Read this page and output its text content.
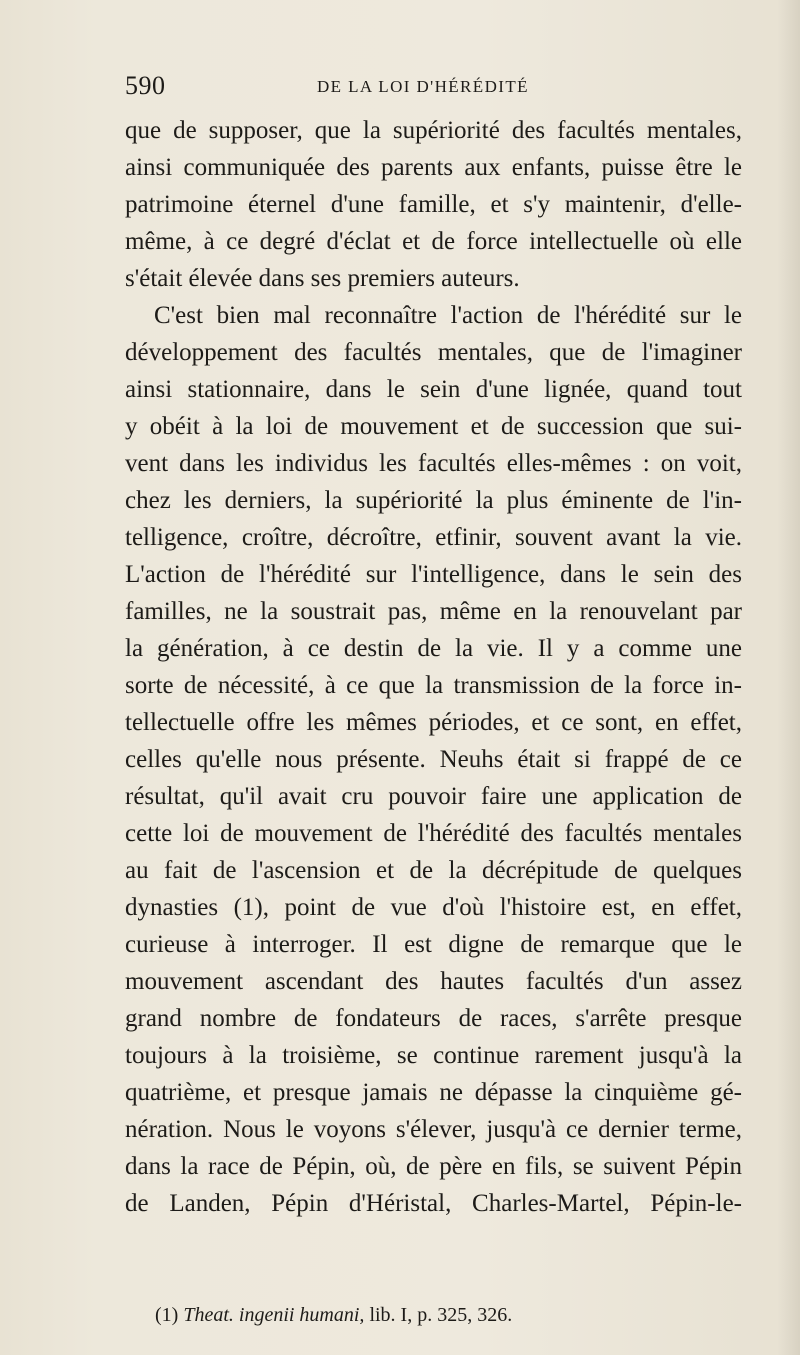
590	DE LA LOI D'HÉRÉDITÉ
que de supposer, que la supériorité des facultés mentales,
ainsi communiquée des parents aux enfants, puisse être le
patrimoine éternel d'une famille, et s'y maintenir, d'elle-
même, à ce degré d'éclat et de force intellectuelle où elle
s'était élevée dans ses premiers auteurs.
C'est bien mal reconnaître l'action de l'hérédité sur le
développement des facultés mentales, que de l'imaginer
ainsi stationnaire, dans le sein d'une lignée, quand tout
y obéit à la loi de mouvement et de succession que sui-
vent dans les individus les facultés elles-mêmes : on voit,
chez les derniers, la supériorité la plus éminente de l'in-
telligence, croître, décroître, etfinir, souvent avant la vie.
L'action de l'hérédité sur l'intelligence, dans le sein des
familles, ne la soustrait pas, même en la renouvelant par
la génération, à ce destin de la vie. Il y a comme une
sorte de nécessité, à ce que la transmission de la force in-
tellectuelle offre les mêmes périodes, et ce sont, en effet,
celles qu'elle nous présente. Neuhs était si frappé de ce
résultat, qu'il avait cru pouvoir faire une application de
cette loi de mouvement de l'hérédité des facultés mentales
au fait de l'ascension et de la décrépitude de quelques
dynasties (1), point de vue d'où l'histoire est, en effet,
curieuse à interroger. Il est digne de remarque que le
mouvement ascendant des hautes facultés d'un assez
grand nombre de fondateurs de races, s'arrête presque
toujours à la troisième, se continue rarement jusqu'à la
quatrième, et presque jamais ne dépasse la cinquième gé-
nération. Nous le voyons s'élever, jusqu'à ce dernier terme,
dans la race de Pépin, où, de père en fils, se suivent Pépin
de Landen, Pépin d'Héristal, Charles-Martel, Pépin-le-
(1) Theat. ingenii humani, lib. I, p. 325, 326.
